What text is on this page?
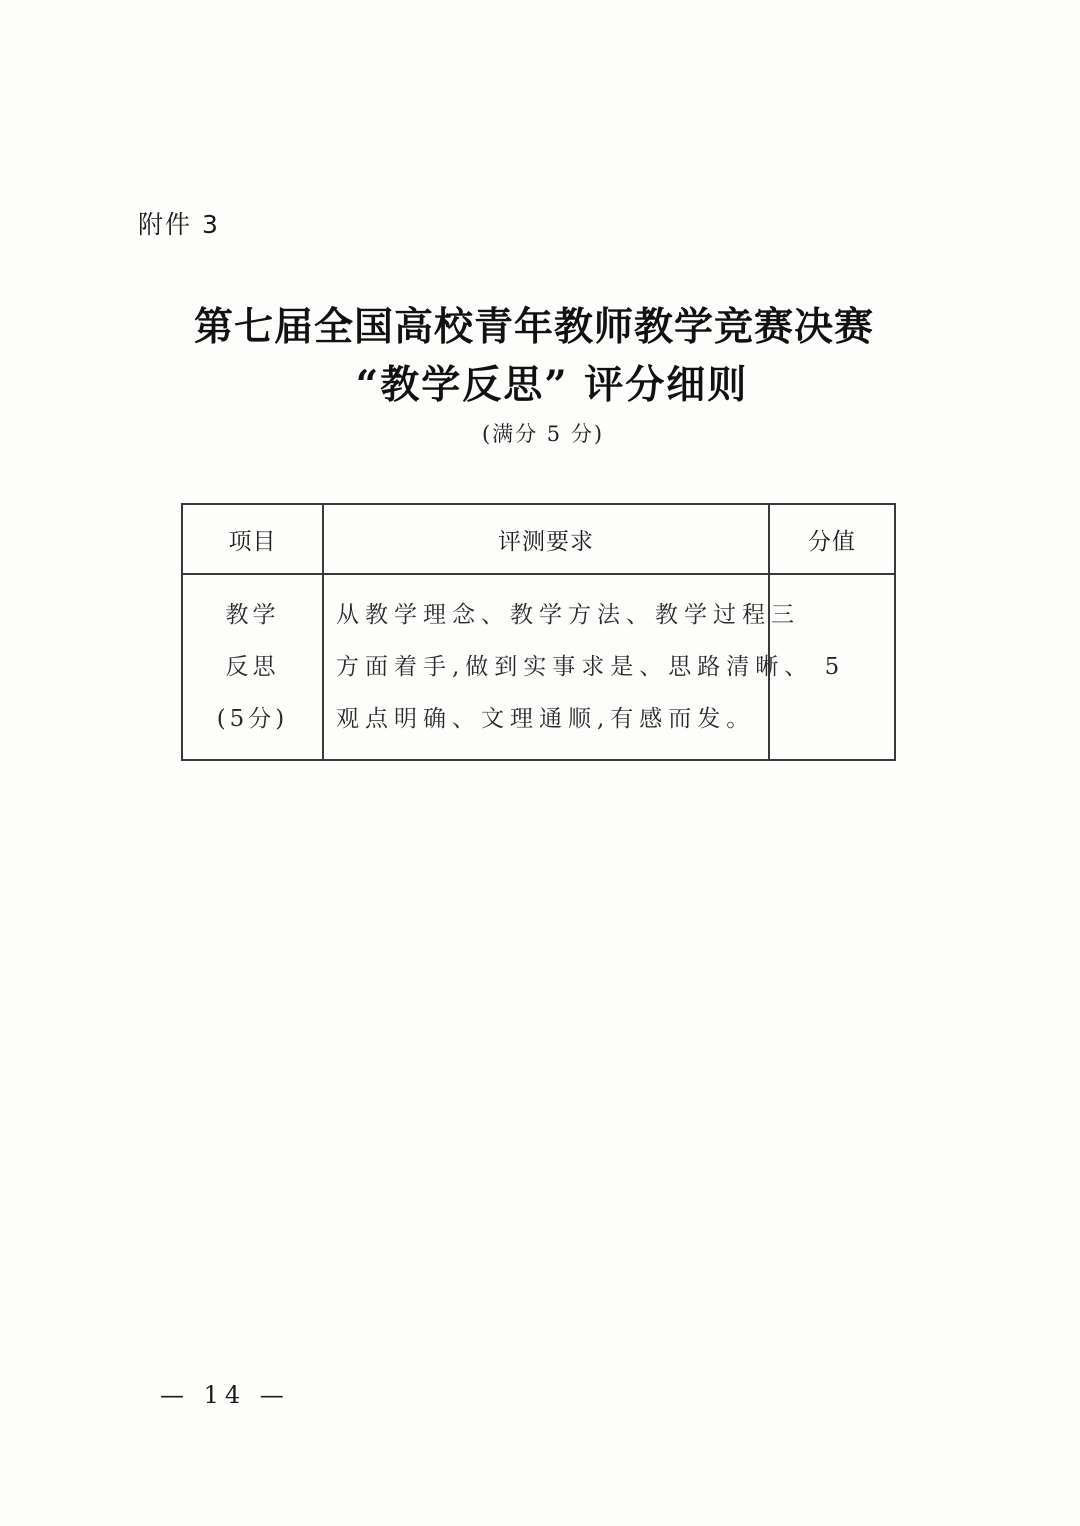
附件 3
第七届全国高校青年教师教学竞赛决赛
“教学反思” 评分细则
(满分 5 分)
项目	评测要求	分值

教学
反思
(5分)	从教学理念、教学方法、教学过程三
方面着手,做到实事求是、思路清晰、
观点明确、文理通顺,有感而发。	5
— 14 —
